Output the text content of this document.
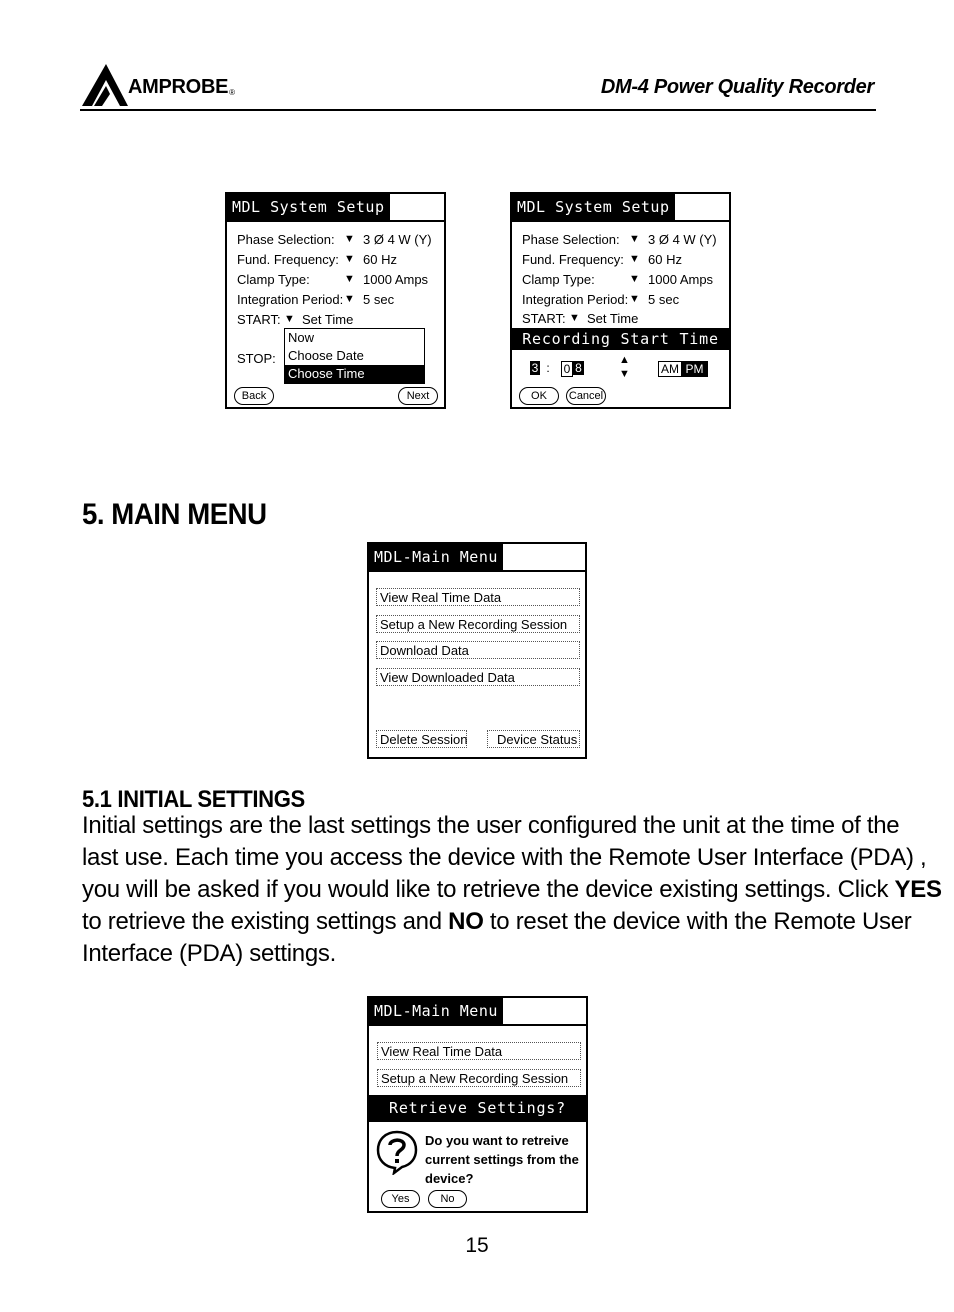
AMPROBE®	DM-4 Power Quality Recorder
MDL System Setup
Phase Selection: ▼ 3 Ø 4 W (Y)
Fund. Frequency: ▼ 60 Hz
Clamp Type:	▼ 1000 Amps
Integration Period: ▼ 5 sec
START: ▼ Set Time
STOP:
Now
Choose Date
Choose Time
Back	Next
MDL System Setup
Phase Selection: ▼ 3 Ø 4 W (Y)
Fund. Frequency: ▼ 60 Hz
Clamp Type:	▼ 1000 Amps
Integration Period: ▼ 5 sec
START: ▼ Set Time
Recording Start Time
3 : 0 8
▲
▼	AM PM
OK	Cancel
5. MAIN MENU
MDL-Main Menu
View Real Time Data
Setup a New Recording Session
Download Data
View Downloaded Data
Delete Session	Device Status
5.1 INITIAL SETTINGS
Initial settings are the last settings the user configured the unit at the time of the
last use. Each time you access the device with the Remote User Interface (PDA) ,
you will be asked if you would like to retrieve the device existing settings. Click YES
to retrieve the existing settings and NO to reset the device with the Remote User
Interface (PDA) settings.
MDL-Main Menu
View Real Time Data
Setup a New Recording Session
Retrieve Settings?
Do you want to retreive
current settings from the
device?
Yes	No
15
